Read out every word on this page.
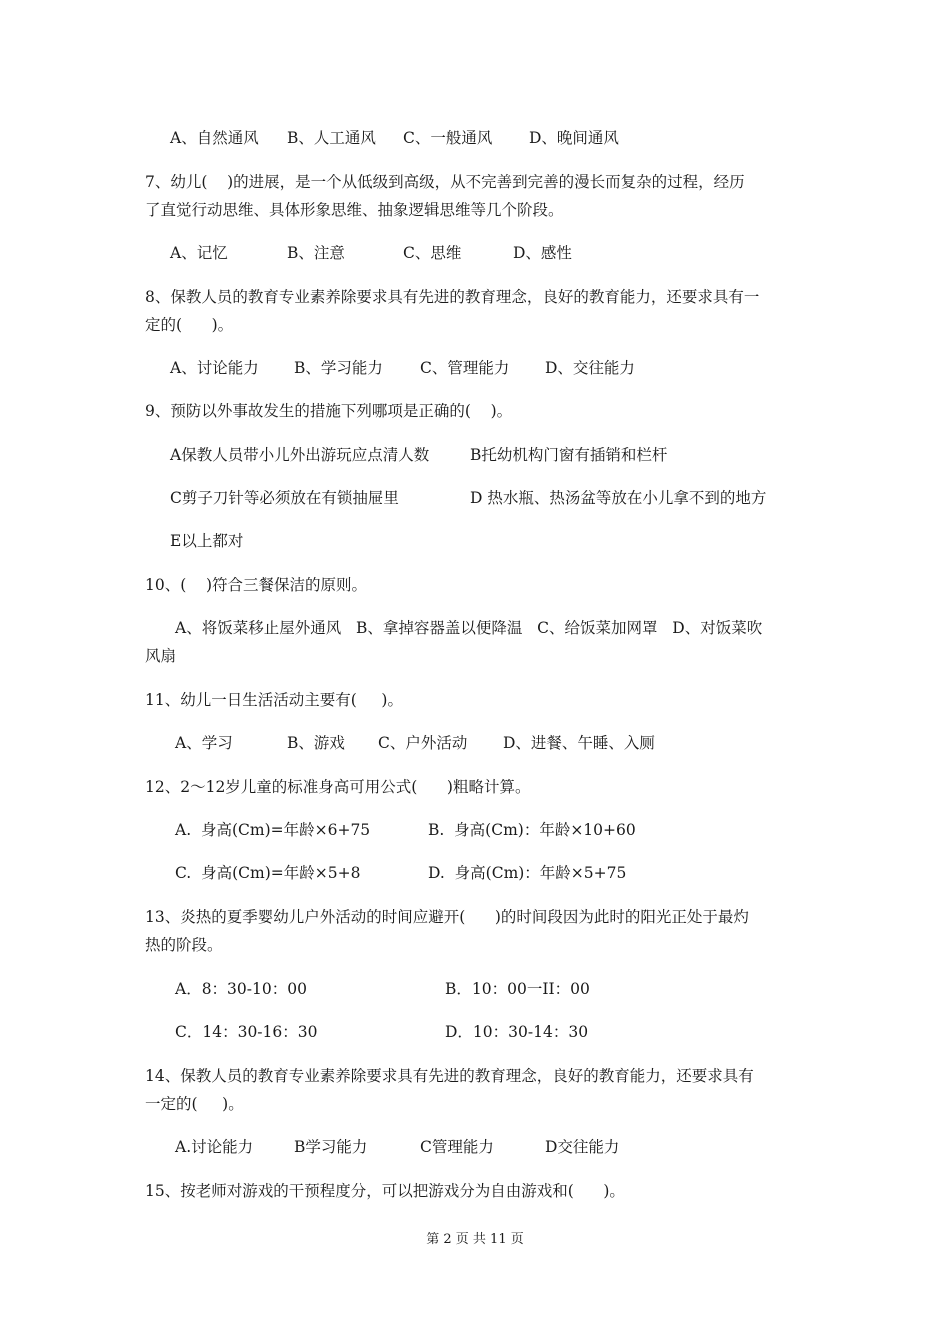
A、自然通风 B、人工通风 C、一般通风 D、晚间通风
7、幼儿(    )的进展，是一个从低级到高级，从不完善到完善的漫长而复杂的过程，经历
了直觉行动思维、具体形象思维、抽象逻辑思维等几个阶段。
A、记忆	B、注意	C、思维	D、感性
8、保教人员的教育专业素养除要求具有先进的教育理念，良好的教育能力，还要求具有一
定的(      )。
A、讨论能力 B、学习能力 C、管理能力 D、交往能力
9、预防以外事故发生的措施下列哪项是正确的(    )。
A保教人员带小儿外出游玩应点清人数	B托幼机构门窗有插销和栏杆
C剪子刀针等必须放在有锁抽屉里	D 热水瓶、热汤盆等放在小儿拿不到的地方
E以上都对
10、(    )符合三餐保洁的原则。
A、将饭菜移止屋外通风   B、拿掉容器盖以便降温   C、给饭菜加网罩   D、对饭菜吹
风扇
11、幼儿一日生活活动主要有(     )。
A、学习	B、游戏 C、户外活动 D、进餐、午睡、入厕
12、2～12岁儿童的标准身高可用公式(      )粗略计算。
A.  身高(Cm)=年龄×6+75	B.  身高(Cm)：年龄×10+60
C.  身高(Cm)=年龄×5+8	D.  身高(Cm)：年龄×5+75
13、炎热的夏季婴幼儿户外活动的时间应避开(      )的时间段因为此时的阳光正处于最灼
热的阶段。
A．8：30-10：00	B．10：00一II：00
C．14：30-16：30	D．10：30-14：30
14、保教人员的教育专业素养除要求具有先进的教育理念，良好的教育能力，还要求具有
一定的(     )。
A.讨论能力	B学习能力	C管理能力	D交往能力
15、按老师对游戏的干预程度分，可以把游戏分为自由游戏和(      )。
第 2 页 共 11 页
